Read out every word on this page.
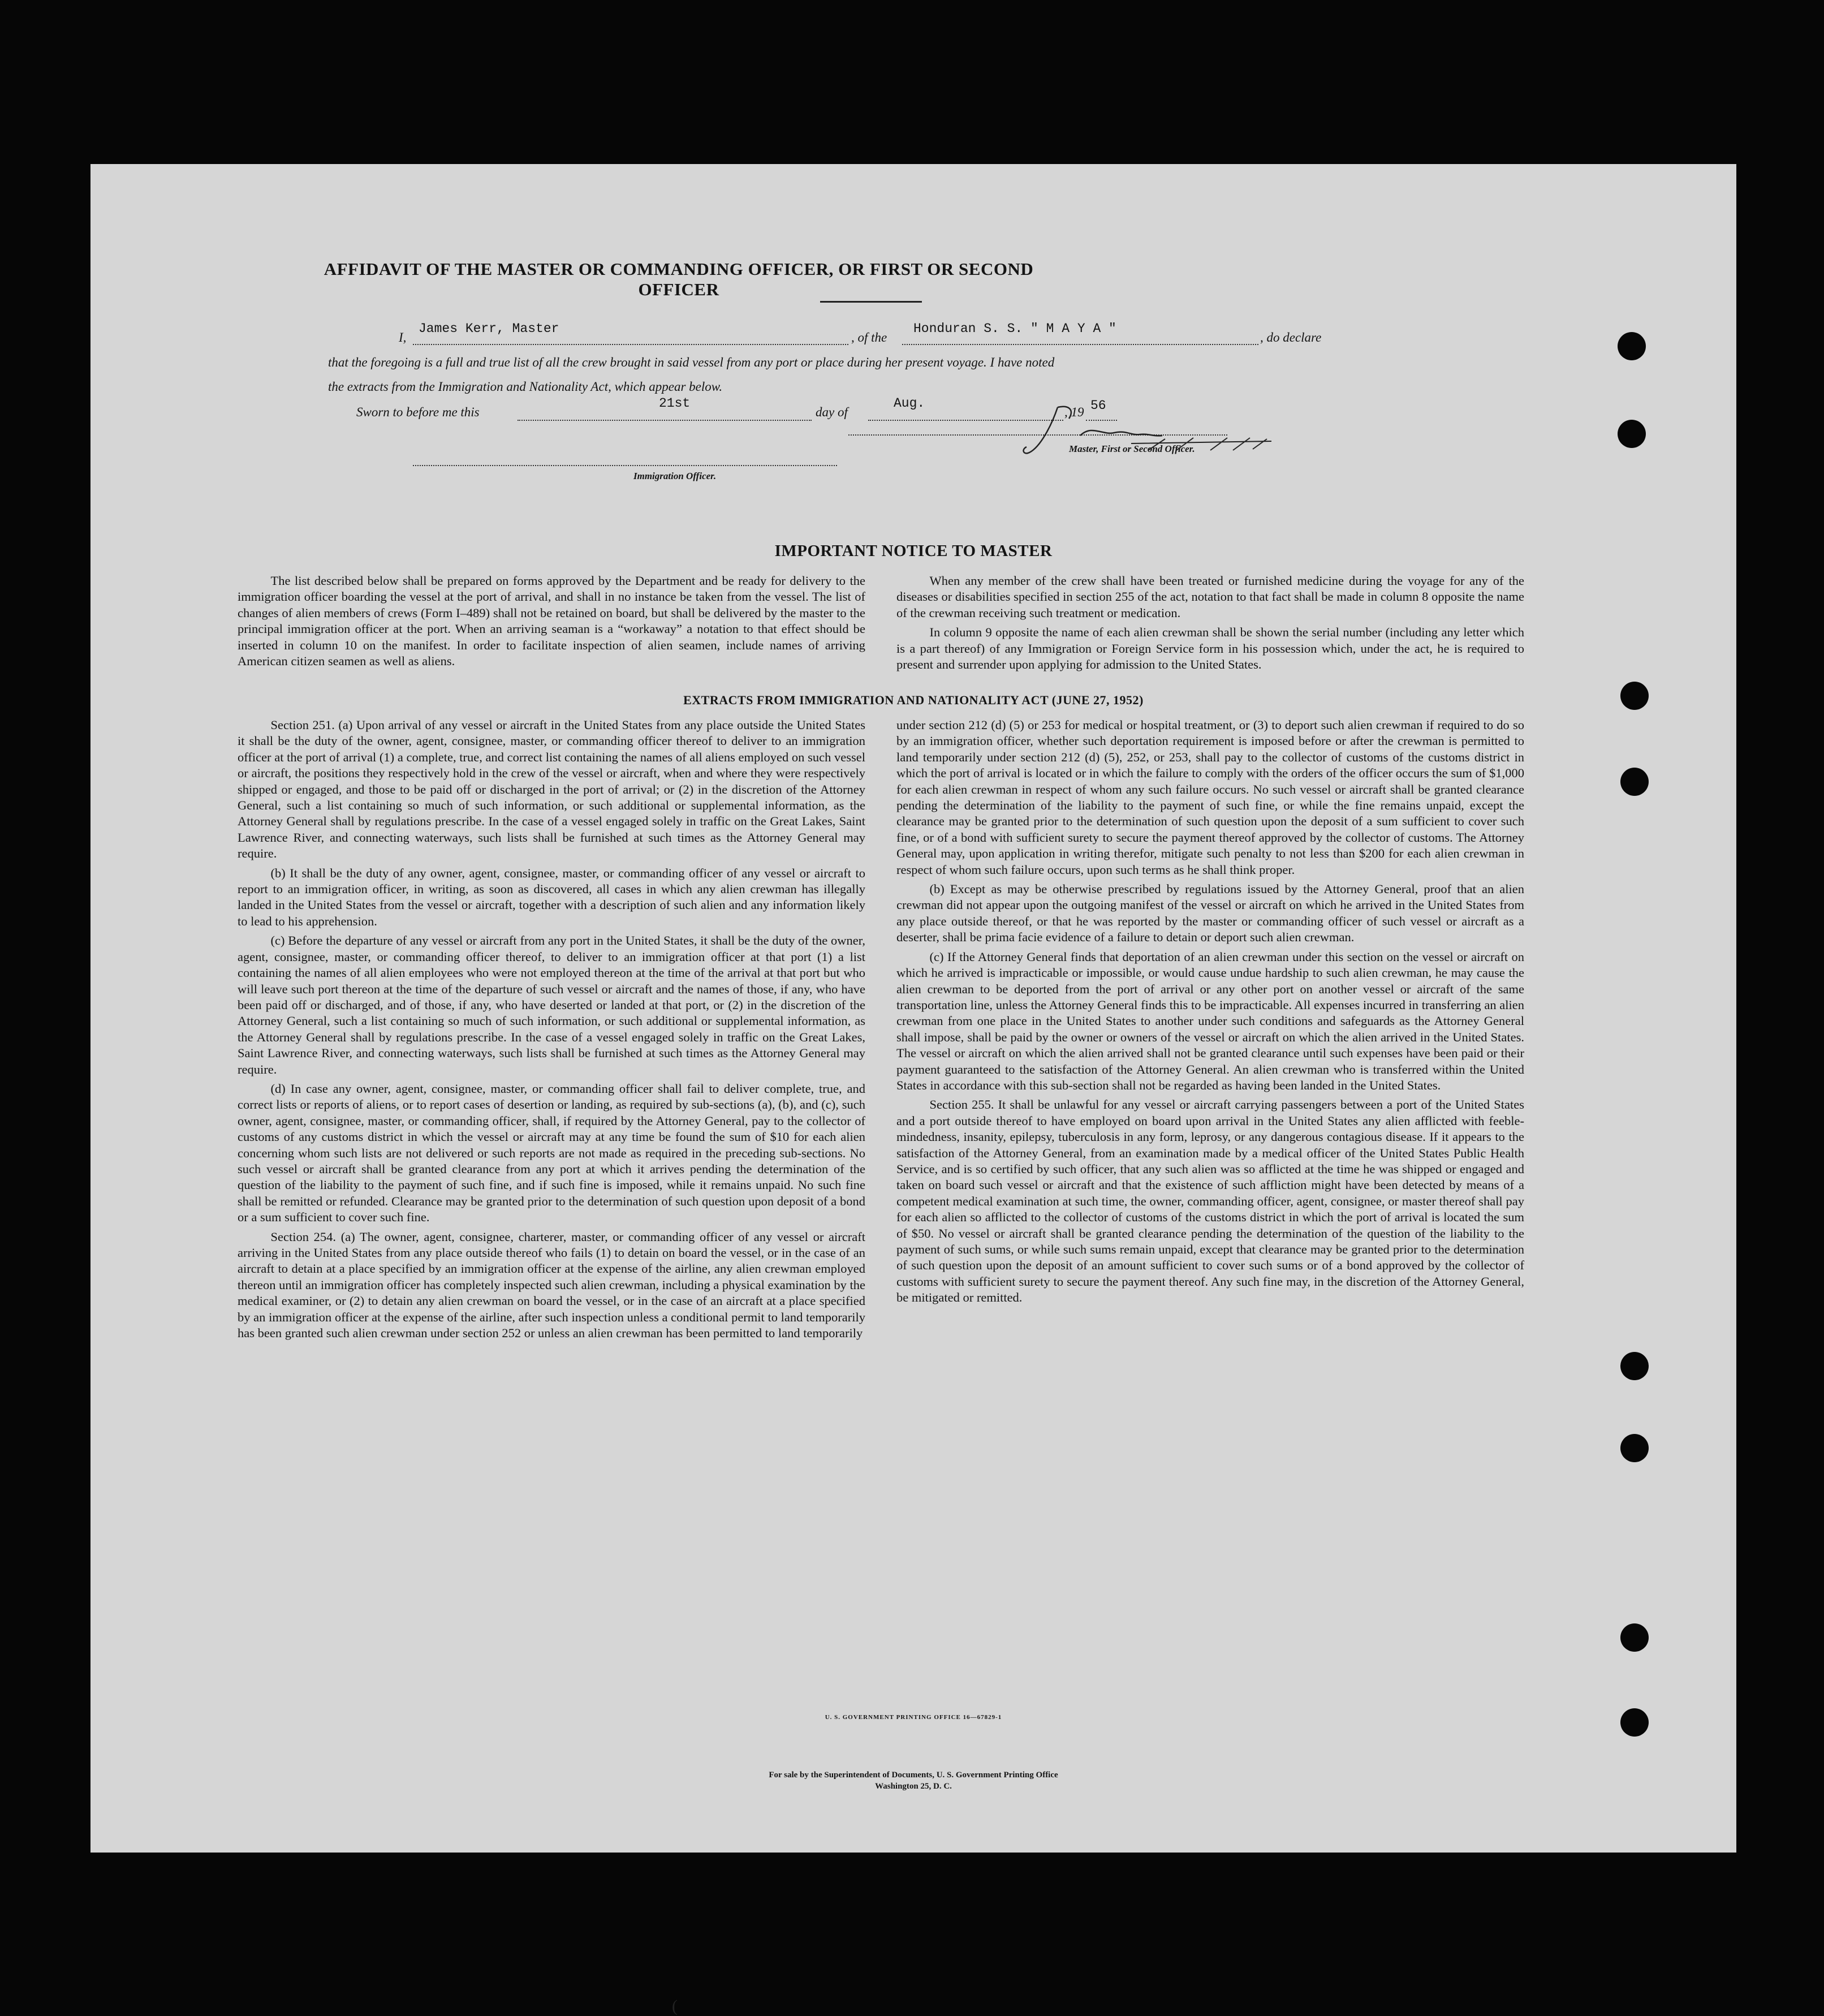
AFFIDAVIT OF THE MASTER OR COMMANDING OFFICER, OR FIRST OR SECOND OFFICER
I,
James Kerr, Master
, of the
Honduran S. S. " M A Y A "
, do declare
that the foregoing is a full and true list of all the crew brought in said vessel from any port or place during her present voyage. I have noted
the extracts from the Immigration and Nationality Act, which appear below.
Master, First or Second Officer.
Sworn to before me this
21st
day of
Aug.
, 19 56
Immigration Officer.
IMPORTANT NOTICE TO MASTER

The list described below shall be prepared on forms approved by the Department and be ready for delivery to the immigration officer boarding the vessel at the port of arrival, and shall in no instance be taken from the vessel. The list of changes of alien members of crews (Form I–489) shall not be retained on board, but shall be delivered by the master to the principal immigration officer at the port. When an arriving seaman is a “workaway” a notation to that effect should be inserted in column 10 on the manifest. In order to facilitate inspection of alien seamen, include names of arriving American citizen seamen as well as aliens.

When any member of the crew shall have been treated or furnished medicine during the voyage for any of the diseases or disabilities specified in section 255 of the act, notation to that fact shall be made in column 8 opposite the name of the crewman receiving such treatment or medication.

In column 9 opposite the name of each alien crewman shall be shown the serial number (including any letter which is a part thereof) of any Immigration or Foreign Service form in his possession which, under the act, he is required to present and surrender upon applying for admission to the United States.

EXTRACTS FROM IMMIGRATION AND NATIONALITY ACT (JUNE 27, 1952)

Section 251. (a) Upon arrival of any vessel or aircraft in the United States from any place outside the United States it shall be the duty of the owner, agent, consignee, master, or commanding officer thereof to deliver to an immigration officer at the port of arrival (1) a complete, true, and correct list containing the names of all aliens employed on such vessel or aircraft, the positions they respectively hold in the crew of the vessel or aircraft, when and where they were respectively shipped or engaged, and those to be paid off or discharged in the port of arrival; or (2) in the discretion of the Attorney General, such a list containing so much of such information, or such additional or supplemental information, as the Attorney General shall by regulations prescribe. In the case of a vessel engaged solely in traffic on the Great Lakes, Saint Lawrence River, and connecting waterways, such lists shall be furnished at such times as the Attorney General may require.

(b) It shall be the duty of any owner, agent, consignee, master, or commanding officer of any vessel or aircraft to report to an immigration officer, in writing, as soon as discovered, all cases in which any alien crewman has illegally landed in the United States from the vessel or aircraft, together with a description of such alien and any information likely to lead to his apprehension.

(c) Before the departure of any vessel or aircraft from any port in the United States, it shall be the duty of the owner, agent, consignee, master, or commanding officer thereof, to deliver to an immigration officer at that port (1) a list containing the names of all alien employees who were not employed thereon at the time of the arrival at that port but who will leave such port thereon at the time of the departure of such vessel or aircraft and the names of those, if any, who have been paid off or discharged, and of those, if any, who have deserted or landed at that port, or (2) in the discretion of the Attorney General, such a list containing so much of such information, or such additional or supplemental information, as the Attorney General shall by regulations prescribe. In the case of a vessel engaged solely in traffic on the Great Lakes, Saint Lawrence River, and connecting waterways, such lists shall be furnished at such times as the Attorney General may require.

(d) In case any owner, agent, consignee, master, or commanding officer shall fail to deliver complete, true, and correct lists or reports of aliens, or to report cases of desertion or landing, as required by sub-sections (a), (b), and (c), such owner, agent, consignee, master, or commanding officer, shall, if required by the Attorney General, pay to the collector of customs of any customs district in which the vessel or aircraft may at any time be found the sum of $10 for each alien concerning whom such lists are not delivered or such reports are not made as required in the preceding sub-sections. No such vessel or aircraft shall be granted clearance from any port at which it arrives pending the determination of the question of the liability to the payment of such fine, and if such fine is imposed, while it remains unpaid. No such fine shall be remitted or refunded. Clearance may be granted prior to the determination of such question upon deposit of a bond or a sum sufficient to cover such fine.

Section 254. (a) The owner, agent, consignee, charterer, master, or commanding officer of any vessel or aircraft arriving in the United States from any place outside thereof who fails (1) to detain on board the vessel, or in the case of an aircraft to detain at a place specified by an immigration officer at the expense of the airline, any alien crewman employed thereon until an immigration officer has completely inspected such alien crewman, including a physical examination by the medical examiner, or (2) to detain any alien crewman on board the vessel, or in the case of an aircraft at a place specified by an immigration officer at the expense of the airline, after such inspection unless a conditional permit to land temporarily has been granted such alien crewman under section 252 or unless an alien crewman has been permitted to land temporarily

under section 212 (d) (5) or 253 for medical or hospital treatment, or (3) to deport such alien crewman if required to do so by an immigration officer, whether such deportation requirement is imposed before or after the crewman is permitted to land temporarily under section 212 (d) (5), 252, or 253, shall pay to the collector of customs of the customs district in which the port of arrival is located or in which the failure to comply with the orders of the officer occurs the sum of $1,000 for each alien crewman in respect of whom any such failure occurs. No such vessel or aircraft shall be granted clearance pending the determination of the liability to the payment of such fine, or while the fine remains unpaid, except the clearance may be granted prior to the determination of such question upon the deposit of a sum sufficient to cover such fine, or of a bond with sufficient surety to secure the payment thereof approved by the collector of customs. The Attorney General may, upon application in writing therefor, mitigate such penalty to not less than $200 for each alien crewman in respect of whom such failure occurs, upon such terms as he shall think proper.

(b) Except as may be otherwise prescribed by regulations issued by the Attorney General, proof that an alien crewman did not appear upon the outgoing manifest of the vessel or aircraft on which he arrived in the United States from any place outside thereof, or that he was reported by the master or commanding officer of such vessel or aircraft as a deserter, shall be prima facie evidence of a failure to detain or deport such alien crewman.

(c) If the Attorney General finds that deportation of an alien crewman under this section on the vessel or aircraft on which he arrived is impracticable or impossible, or would cause undue hardship to such alien crewman, he may cause the alien crewman to be deported from the port of arrival or any other port on another vessel or aircraft of the same transportation line, unless the Attorney General finds this to be impracticable. All expenses incurred in transferring an alien crewman from one place in the United States to another under such conditions and safeguards as the Attorney General shall impose, shall be paid by the owner or owners of the vessel or aircraft on which the alien arrived in the United States. The vessel or aircraft on which the alien arrived shall not be granted clearance until such expenses have been paid or their payment guaranteed to the satisfaction of the Attorney General. An alien crewman who is transferred within the United States in accordance with this sub-section shall not be regarded as having been landed in the United States.

Section 255. It shall be unlawful for any vessel or aircraft carrying passengers between a port of the United States and a port outside thereof to have employed on board upon arrival in the United States any alien afflicted with feeble-mindedness, insanity, epilepsy, tuberculosis in any form, leprosy, or any dangerous contagious disease. If it appears to the satisfaction of the Attorney General, from an examination made by a medical officer of the United States Public Health Service, and is so certified by such officer, that any such alien was so afflicted at the time he was shipped or engaged and taken on board such vessel or aircraft and that the existence of such affliction might have been detected by means of a competent medical examination at such time, the owner, commanding officer, agent, consignee, or master thereof shall pay for each alien so afflicted to the collector of customs of the customs district in which the port of arrival is located the sum of $50. No vessel or aircraft shall be granted clearance pending the determination of the question of the liability to the payment of such sums, or while such sums remain unpaid, except that clearance may be granted prior to the determination of such question upon the deposit of an amount sufficient to cover such sums or of a bond approved by the collector of customs with sufficient surety to secure the payment thereof. Any such fine may, in the discretion of the Attorney General, be mitigated or remitted.

U. S. GOVERNMENT PRINTING OFFICE 16—67829-1
For sale by the Superintendent of Documents, U. S. Government Printing Office
Washington 25, D. C.
(
